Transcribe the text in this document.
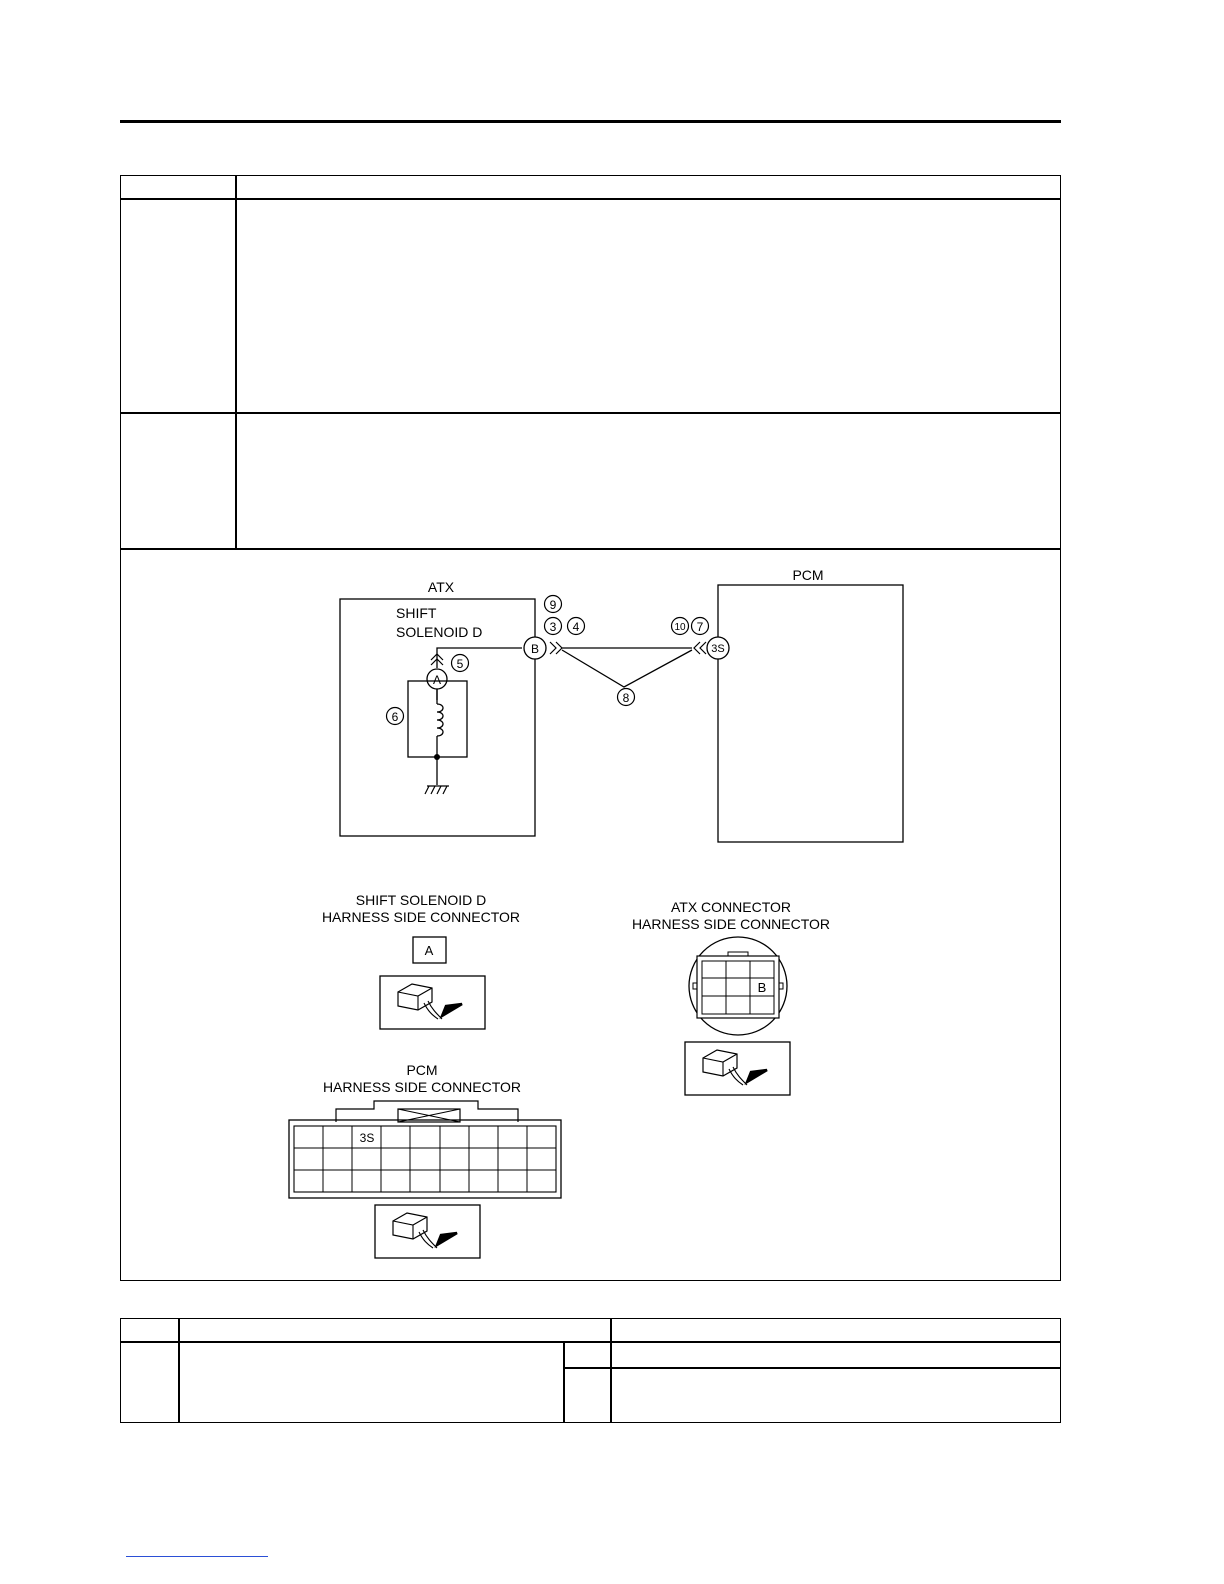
ATX
SHIFT
SOLENOID D
PCM
A
B	3S
9
3 4
5
6
8
10 7
SHIFT SOLENOID D
HARNESS SIDE CONNECTOR
A
PCM
HARNESS SIDE CONNECTOR
3S
ATX CONNECTOR
HARNESS SIDE CONNECTOR
B
